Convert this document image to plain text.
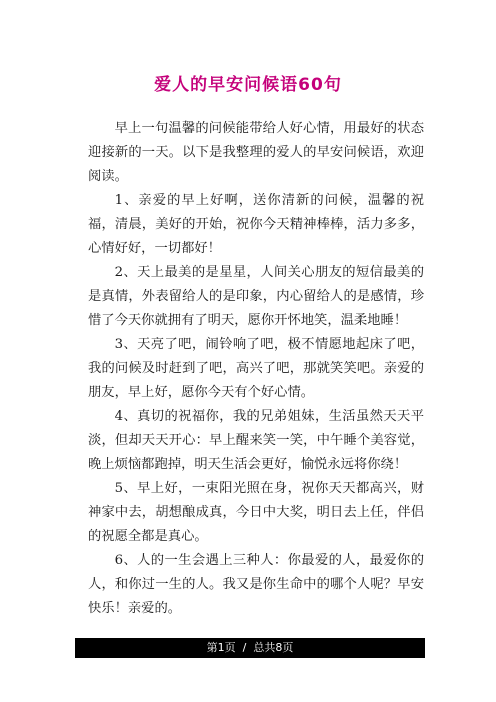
爱人的早安问候语60句

早上一句温馨的问候能带给人好心情，用最好的状态迎接新的一天。以下是我整理的爱人的早安问候语，欢迎阅读。

1、亲爱的早上好啊，送你清新的问候，温馨的祝福，清晨，美好的开始，祝你今天精神棒棒，活力多多，心情好好，一切都好！

2、天上最美的是星星，人间关心朋友的短信最美的是真情，外表留给人的是印象，内心留给人的是感情，珍惜了今天你就拥有了明天，愿你开怀地笑，温柔地睡！

3、天亮了吧，闹铃响了吧，极不情愿地起床了吧，我的问候及时赶到了吧，高兴了吧，那就笑笑吧。亲爱的朋友，早上好，愿你今天有个好心情。

4、真切的祝福你，我的兄弟姐妹，生活虽然天天平淡，但却天天开心：早上醒来笑一笑，中午睡个美容觉，晚上烦恼都跑掉，明天生活会更好，愉悦永远将你绕！

5、早上好，一束阳光照在身，祝你天天都高兴，财神家中去，胡想酿成真，今日中大奖，明日去上任，伴侣的祝愿全都是真心。

6、人的一生会遇上三种人：你最爱的人，最爱你的人，和你过一生的人。我又是你生命中的哪个人呢？早安快乐！亲爱的。

第1页  /  总共8页
